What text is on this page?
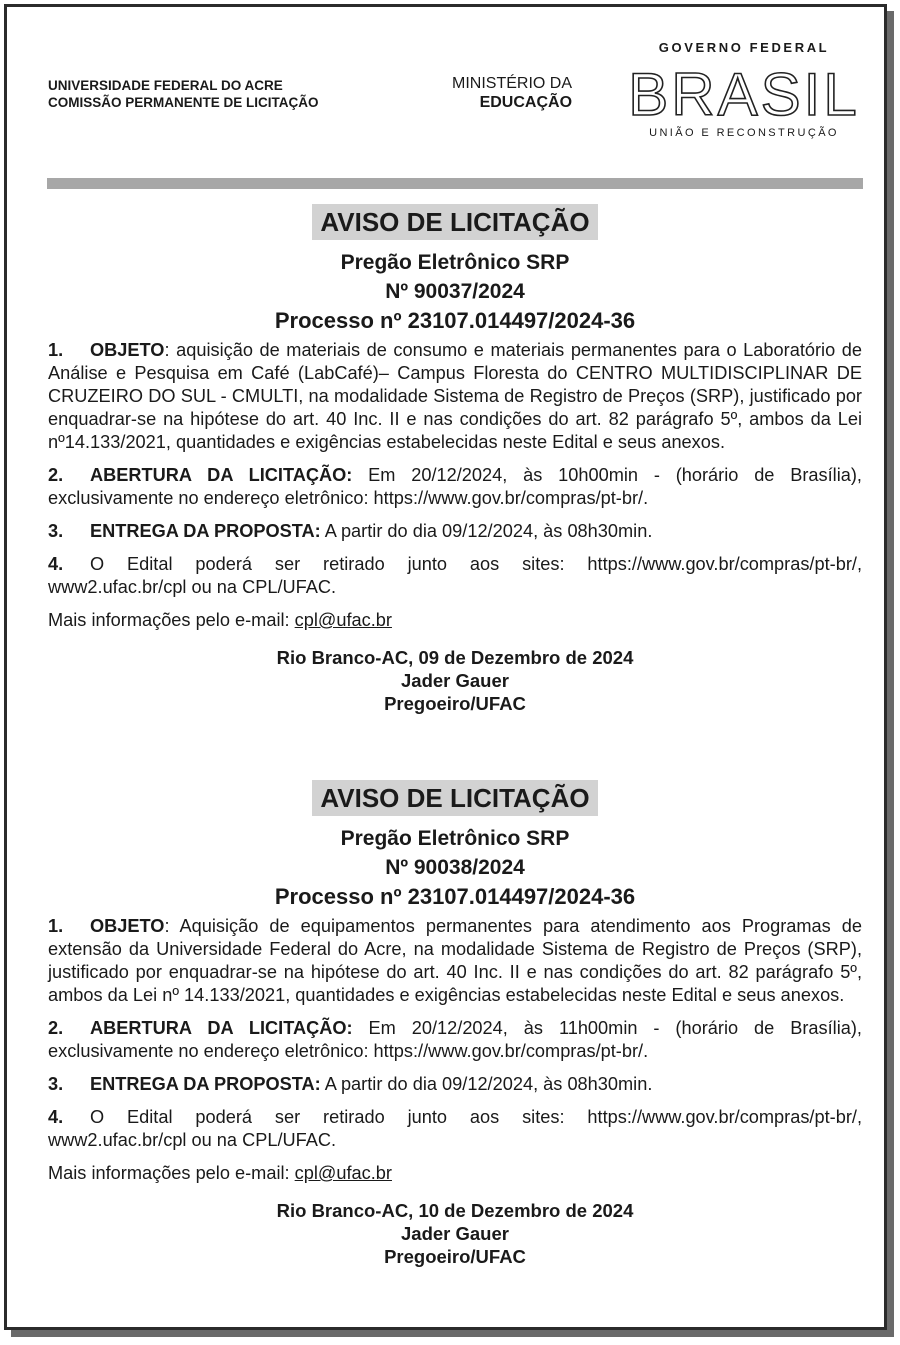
UNIVERSIDADE FEDERAL DO ACRE
COMISSÃO PERMANENTE DE LICITAÇÃO
MINISTÉRIO DA
EDUCAÇÃO
GOVERNO FEDERAL
BRASIL
UNIÃO E RECONSTRUÇÃO
AVISO DE LICITAÇÃO
Pregão Eletrônico SRP
Nº 90037/2024
Processo nº 23107.014497/2024-36
1. OBJETO: aquisição de materiais de consumo e materiais permanentes para o Laboratório de Análise e Pesquisa em Café (LabCafé)– Campus Floresta do CENTRO MULTIDISCIPLINAR DE CRUZEIRO DO SUL - CMULTI, na modalidade Sistema de Registro de Preços (SRP), justificado por enquadrar-se na hipótese do art. 40 Inc. II e nas condições do art. 82 parágrafo 5º, ambos da Lei nº14.133/2021, quantidades e exigências estabelecidas neste Edital e seus anexos.
2. ABERTURA DA LICITAÇÃO: Em 20/12/2024, às 10h00min - (horário de Brasília), exclusivamente no endereço eletrônico: https://www.gov.br/compras/pt-br/.
3. ENTREGA DA PROPOSTA: A partir do dia 09/12/2024, às 08h30min.
4. O Edital poderá ser retirado junto aos sites: https://www.gov.br/compras/pt-br/, www2.ufac.br/cpl ou na CPL/UFAC.
Mais informações pelo e-mail: cpl@ufac.br
Rio Branco-AC, 09 de Dezembro de 2024
Jader Gauer
Pregoeiro/UFAC
AVISO DE LICITAÇÃO
Pregão Eletrônico SRP
Nº 90038/2024
Processo nº 23107.014497/2024-36
1. OBJETO: Aquisição de equipamentos permanentes para atendimento aos Programas de extensão da Universidade Federal do Acre, na modalidade Sistema de Registro de Preços (SRP), justificado por enquadrar-se na hipótese do art. 40 Inc. II e nas condições do art. 82 parágrafo 5º, ambos da Lei nº 14.133/2021, quantidades e exigências estabelecidas neste Edital e seus anexos.
2. ABERTURA DA LICITAÇÃO: Em 20/12/2024, às 11h00min - (horário de Brasília), exclusivamente no endereço eletrônico: https://www.gov.br/compras/pt-br/.
3. ENTREGA DA PROPOSTA: A partir do dia 09/12/2024, às 08h30min.
4. O Edital poderá ser retirado junto aos sites: https://www.gov.br/compras/pt-br/, www2.ufac.br/cpl ou na CPL/UFAC.
Mais informações pelo e-mail: cpl@ufac.br
Rio Branco-AC, 10 de Dezembro de 2024
Jader Gauer
Pregoeiro/UFAC
